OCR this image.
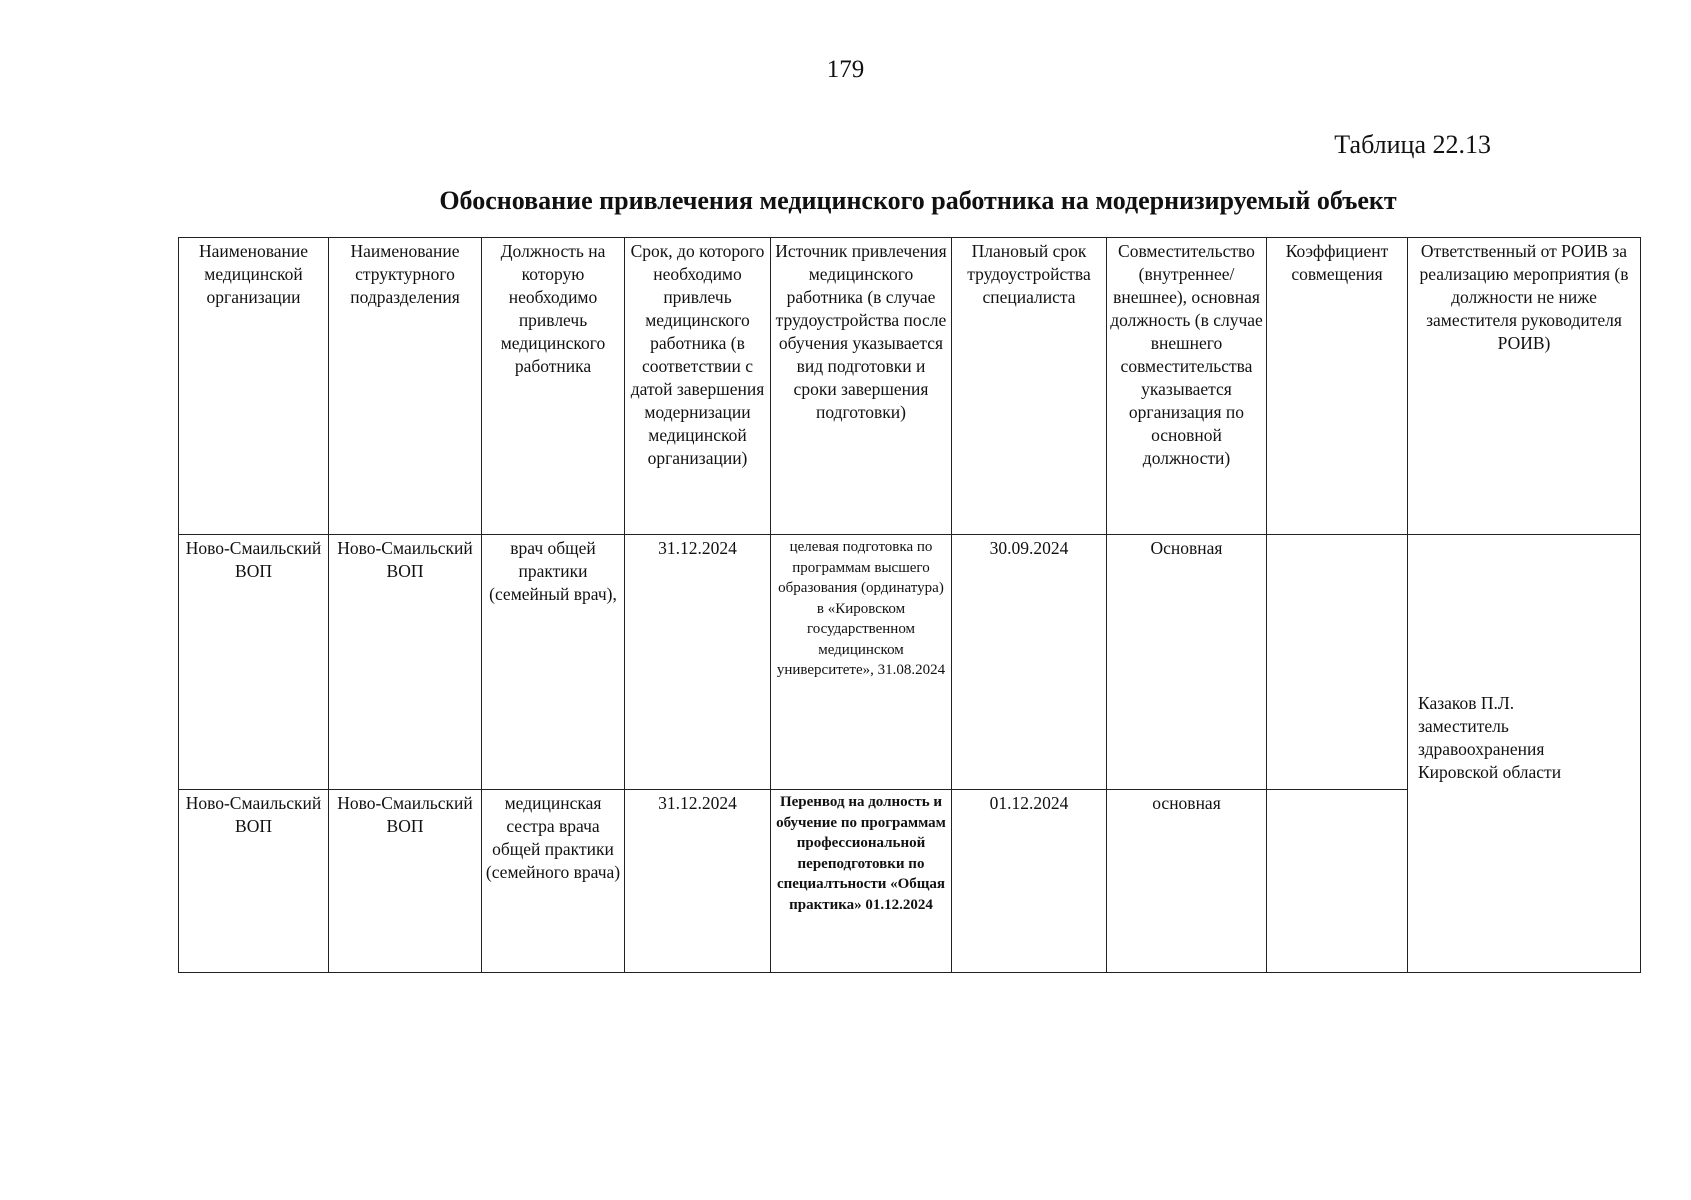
179
Таблица 22.13
Обоснование привлечения медицинского работника на модернизируемый объект
Наименование медицинской организации	Наименование структурного подразделения	Должность на которую необходимо привлечь медицинского работника	Срок, до которого необходимо привлечь медицинского работника (в соответствии с датой завершения модернизации медицинской организации)	Источник привлечения медицинского работника (в случае трудоустройства после обучения указывается вид подготовки и сроки завершения подготовки)	Плановый срок трудоустройства специалиста	Совместительство (внутреннее/внешнее), основная должность (в случае внешнего совместительства указывается организация по основной должности)	Коэффициент совмещения	Ответственный от РОИВ за реализацию мероприятия (в должности не ниже заместителя руководителя РОИВ)
Ново-Смаильский ВОП	Ново-Смаильский ВОП	врач общей практики (семейный врач),	31.12.2024	целевая подготовка по программам высшего образования (ординатура) в «Кировском государственном медицинском университете», 31.08.2024	30.09.2024	Основная		Казаков П.Л.
заместитель
здравоохранения
Кировской области

Ново-Смаильский ВОП	Ново-Смаильский ВОП	медицинская сестра врача общей практики (семейного врача)	31.12.2024	Перенвод на долность и обучение по программам профессиональной переподготовки по специалтьности «Общая практика» 01.12.2024	01.12.2024	основная		
